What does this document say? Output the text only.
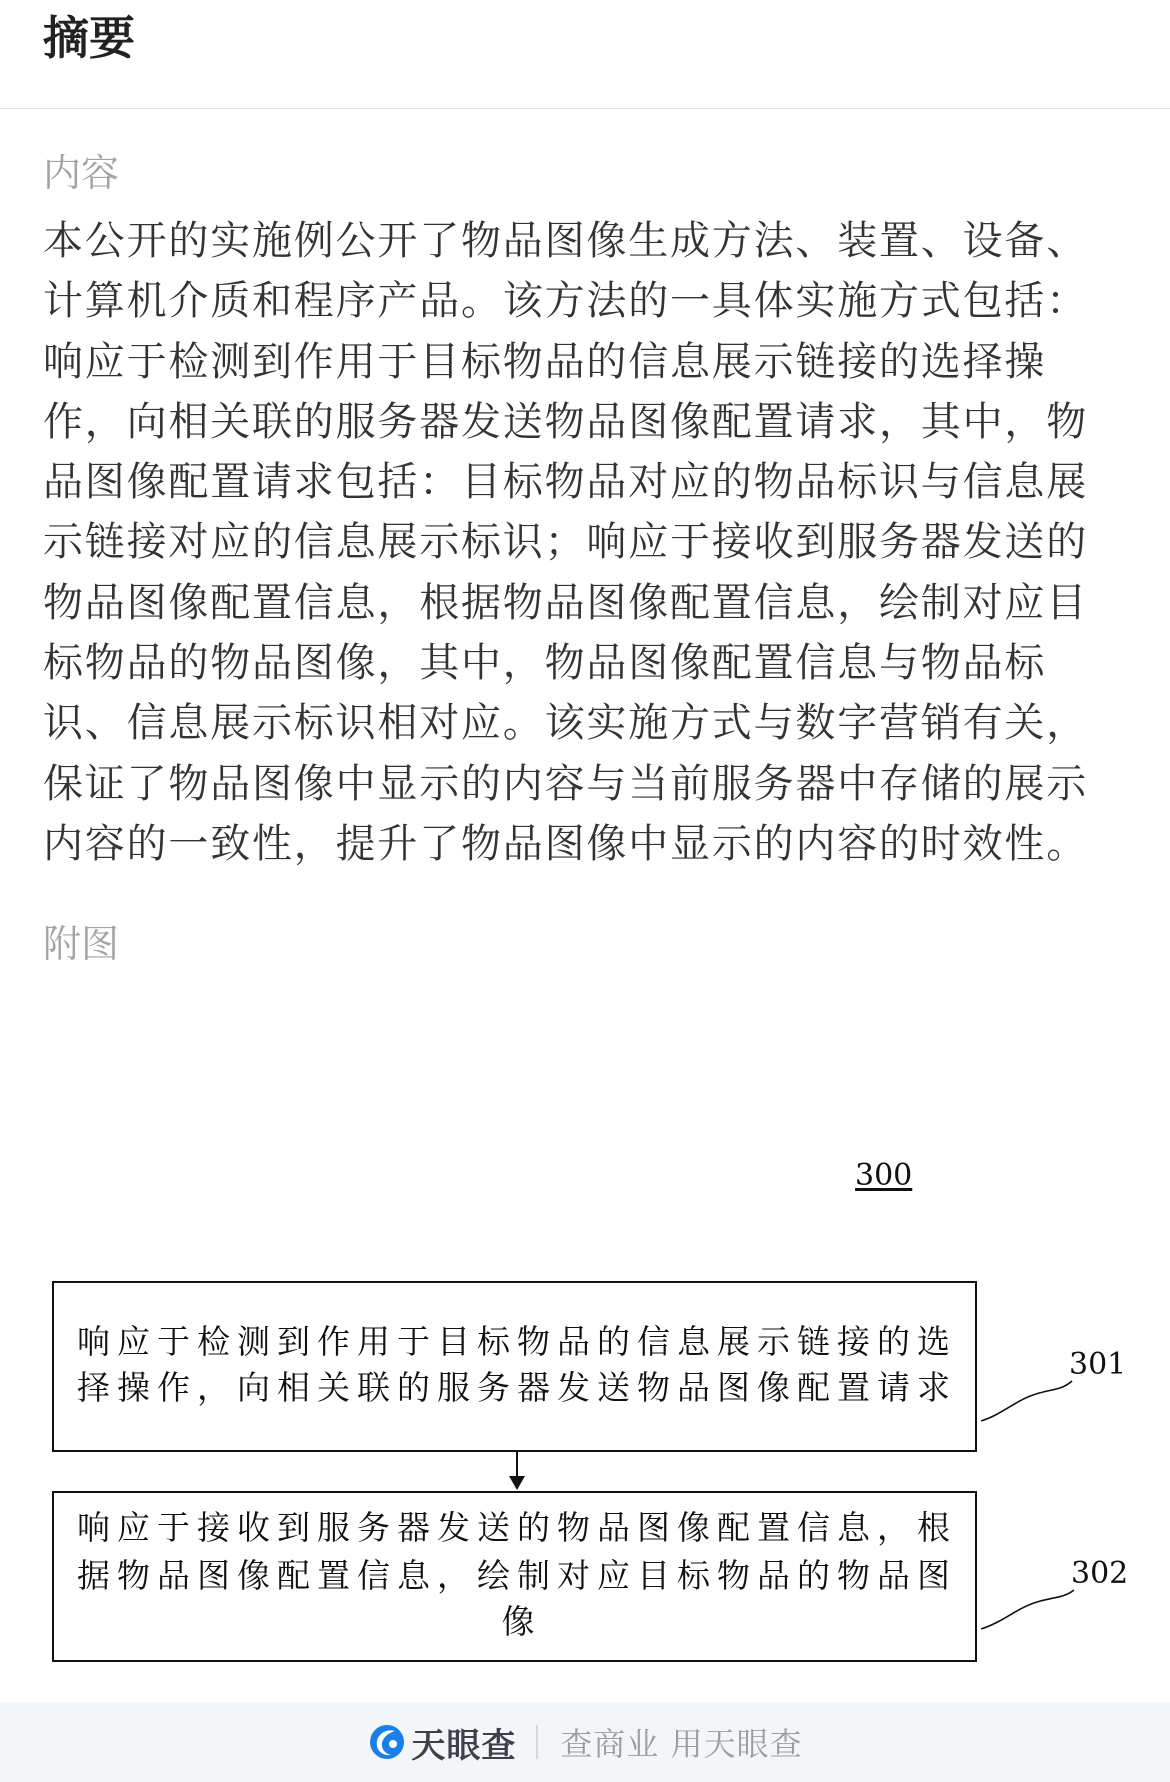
摘要
内容
本公开的实施例公开了物品图像生成方法、装置、设备、
计算机介质和程序产品。该方法的一具体实施方式包括：
响应于检测到作用于目标物品的信息展示链接的选择操
作，向相关联的服务器发送物品图像配置请求，其中，物
品图像配置请求包括：目标物品对应的物品标识与信息展
示链接对应的信息展示标识；响应于接收到服务器发送的
物品图像配置信息，根据物品图像配置信息，绘制对应目
标物品的物品图像，其中，物品图像配置信息与物品标
识、信息展示标识相对应。该实施方式与数字营销有关，
保证了物品图像中显示的内容与当前服务器中存储的展示
内容的一致性，提升了物品图像中显示的内容的时效性。
附图
300
响应于检测到作用于目标物品的信息展示链接的选
择操作，向相关联的服务器发送物品图像配置请求
响应于接收到服务器发送的物品图像配置信息，根
据物品图像配置信息，绘制对应目标物品的物品图
像
301
302
天眼查 查商业 用天眼查
